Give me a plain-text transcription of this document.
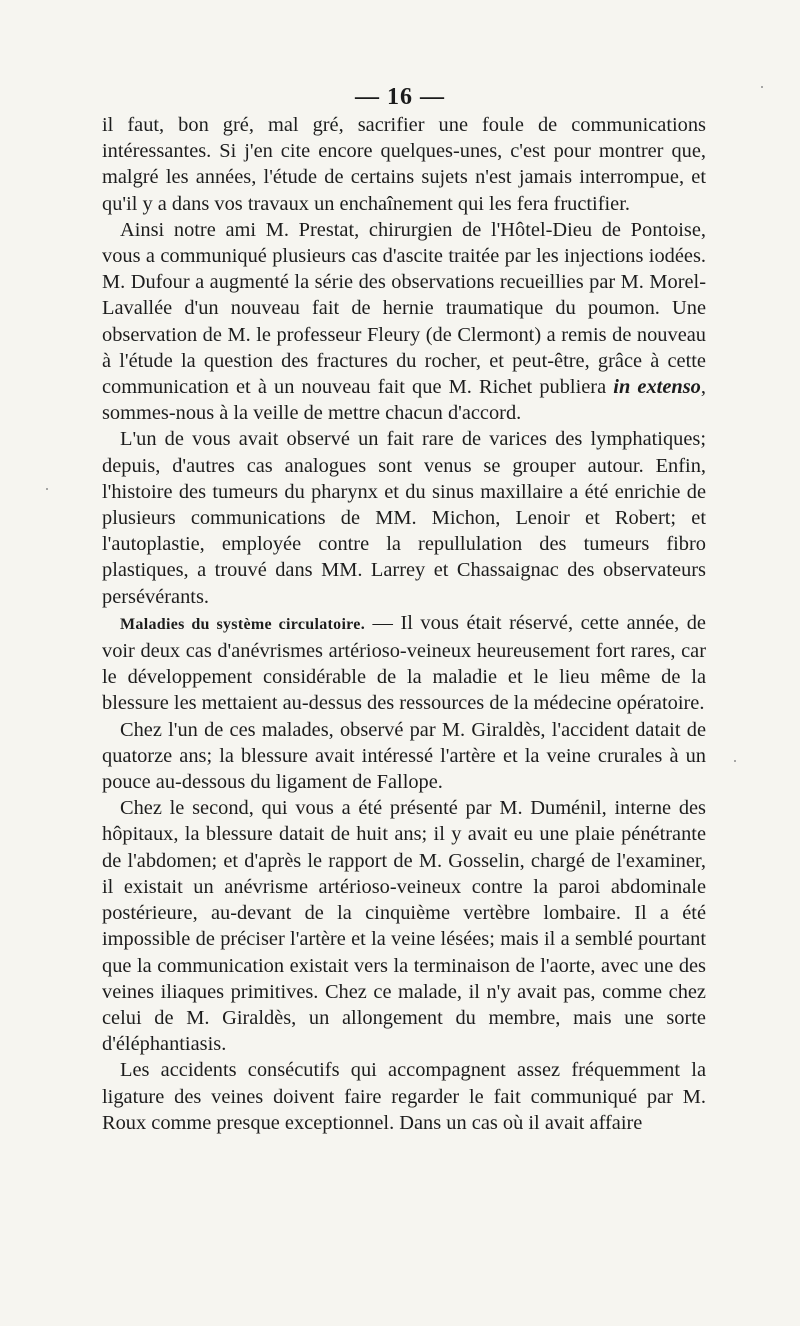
— 16 —

il faut, bon gré, mal gré, sacrifier une foule de communications intéressantes. Si j'en cite encore quelques-unes, c'est pour montrer que, malgré les années, l'étude de certains sujets n'est jamais interrompue, et qu'il y a dans vos travaux un enchaînement qui les fera fructifier.

Ainsi notre ami M. Prestat, chirurgien de l'Hôtel-Dieu de Pontoise, vous a communiqué plusieurs cas d'ascite traitée par les injections iodées. M. Dufour a augmenté la série des observations recueillies par M. Morel-Lavallée d'un nouveau fait de hernie traumatique du poumon. Une observation de M. le professeur Fleury (de Clermont) a remis de nouveau à l'étude la question des fractures du rocher, et peut-être, grâce à cette communication et à un nouveau fait que M. Richet publiera in extenso, sommes-nous à la veille de mettre chacun d'accord.

L'un de vous avait observé un fait rare de varices des lymphatiques; depuis, d'autres cas analogues sont venus se grouper autour. Enfin, l'histoire des tumeurs du pharynx et du sinus maxillaire a été enrichie de plusieurs communications de MM. Michon, Lenoir et Robert; et l'autoplastie, employée contre la repullulation des tumeurs fibro plastiques, a trouvé dans MM. Larrey et Chassaignac des observateurs persévérants.

Maladies du système circulatoire. — Il vous était réservé, cette année, de voir deux cas d'anévrismes artérioso-veineux heureusement fort rares, car le développement considérable de la maladie et le lieu même de la blessure les mettaient au-dessus des ressources de la médecine opératoire.

Chez l'un de ces malades, observé par M. Giraldès, l'accident datait de quatorze ans; la blessure avait intéressé l'artère et la veine crurales à un pouce au-dessous du ligament de Fallope.

Chez le second, qui vous a été présenté par M. Duménil, interne des hôpitaux, la blessure datait de huit ans; il y avait eu une plaie pénétrante de l'abdomen; et d'après le rapport de M. Gosselin, chargé de l'examiner, il existait un anévrisme artérioso-veineux contre la paroi abdominale postérieure, au-devant de la cinquième vertèbre lombaire. Il a été impossible de préciser l'artère et la veine lésées; mais il a semblé pourtant que la communication existait vers la terminaison de l'aorte, avec une des veines iliaques primitives. Chez ce malade, il n'y avait pas, comme chez celui de M. Giraldès, un allongement du membre, mais une sorte d'éléphantiasis.

Les accidents consécutifs qui accompagnent assez fréquemment la ligature des veines doivent faire regarder le fait communiqué par M. Roux comme presque exceptionnel. Dans un cas où il avait affaire
